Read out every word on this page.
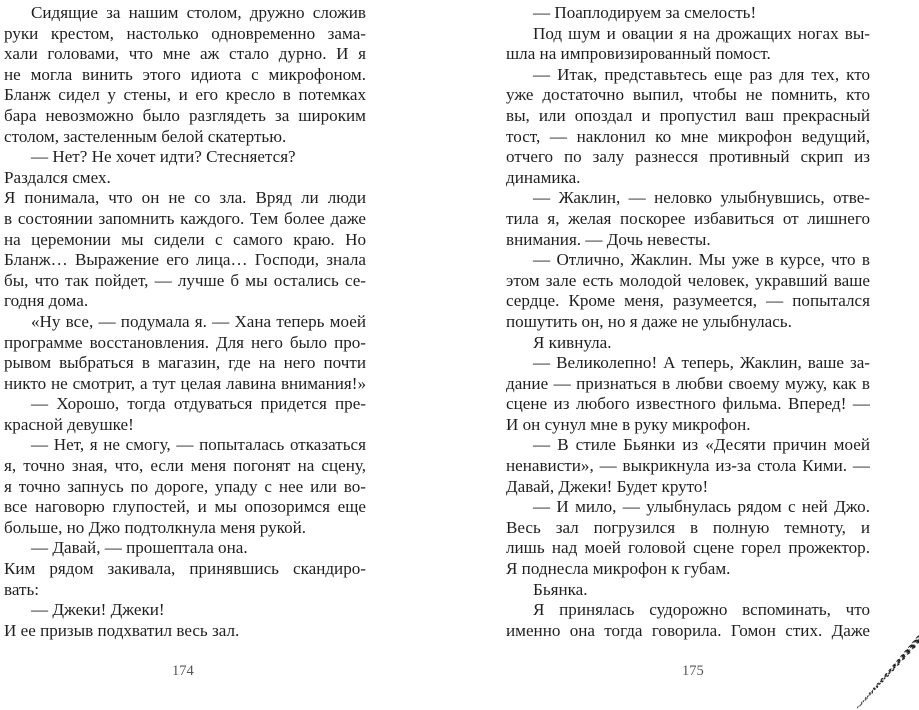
Сидящие за нашим столом, дружно сложив
руки крестом, настолько одновременно зама-
хали головами, что мне аж стало дурно. И я
не могла винить этого идиота с микрофоном.
Бланж сидел у стены, и его кресло в потемках
бара невозможно было разглядеть за широким
столом, застеленным белой скатертью.
— Нет? Не хочет идти? Стесняется?
Раздался смех.
Я понимала, что он не со зла. Вряд ли люди
в состоянии запомнить каждого. Тем более даже
на церемонии мы сидели с самого краю. Но
Бланж… Выражение его лица… Господи, знала
бы, что так пойдет, — лучше б мы остались се-
годня дома.
«Ну все, — подумала я. — Хана теперь моей
программе восстановления. Для него было про-
рывом выбраться в магазин, где на него почти
никто не смотрит, а тут целая лавина внимания!»
— Хорошо, тогда отдуваться придется пре-
красной девушке!
— Нет, я не смогу, — попыталась отказаться
я, точно зная, что, если меня погонят на сцену,
я точно запнусь по дороге, упаду с нее или во-
все наговорю глупостей, и мы опозоримся еще
больше, но Джо подтолкнула меня рукой.
— Давай, — прошептала она.
Ким рядом закивала, принявшись скандиро-
вать:
— Джеки! Джеки!
И ее призыв подхватил весь зал.
174
— Поаплодируем за смелость!
Под шум и овации я на дрожащих ногах вы-
шла на импровизированный помост.
— Итак, представьтесь еще раз для тех, кто
уже достаточно выпил, чтобы не помнить, кто
вы, или опоздал и пропустил ваш прекрасный
тост, — наклонил ко мне микрофон ведущий,
отчего по залу разнесся противный скрип из
динамика.
— Жаклин, — неловко улыбнувшись, отве-
тила я, желая поскорее избавиться от лишнего
внимания. — Дочь невесты.
— Отлично, Жаклин. Мы уже в курсе, что в
этом зале есть молодой человек, укравший ваше
сердце. Кроме меня, разумеется, — попытался
пошутить он, но я даже не улыбнулась.
Я кивнула.
— Великолепно! А теперь, Жаклин, ваше за-
дание — признаться в любви своему мужу, как в
сцене из любого известного фильма. Вперед! —
И он сунул мне в руку микрофон.
— В стиле Бьянки из «Десяти причин моей
ненависти», — выкрикнула из-за стола Кими. —
Давай, Джеки! Будет круто!
— И мило, — улыбнулась рядом с ней Джо.
Весь зал погрузился в полную темноту, и
лишь над моей головой сцене горел прожектор.
Я поднесла микрофон к губам.
Бьянка.
Я принялась судорожно вспоминать, что
именно она тогда говорила. Гомон стих. Даже
175
